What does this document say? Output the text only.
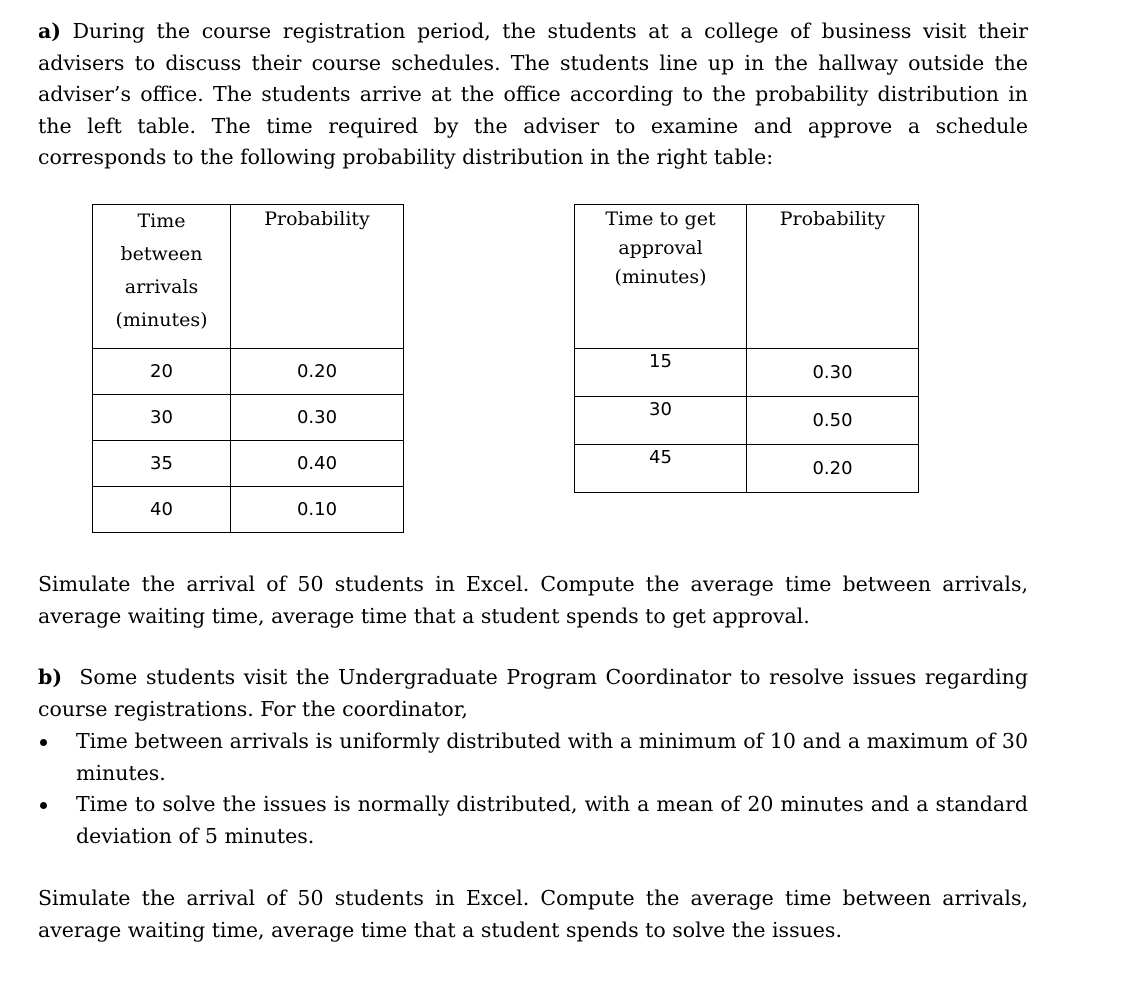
a) During the course registration period, the students at a college of business visit their advisers to discuss their course schedules. The students line up in the hallway outside the adviser’s office. The students arrive at the office according to the probability distribution in the left table. The time required by the adviser to examine and approve a schedule corresponds to the following probability distribution in the right table:

Time
between
arrivals
(minutes)	Probability

20	0.20
30	0.30
35	0.40
40	0.10
Time to get
approval
(minutes)	Probability

15	0.30
30	0.50
45	0.20

Simulate the arrival of 50 students in Excel. Compute the average time between arrivals, average waiting time, average time that a student spends to get approval.

b) Some students visit the Undergraduate Program Coordinator to resolve issues regarding course registrations. For the coordinator,

Time between arrivals is uniformly distributed with a minimum of 10 and a maximum of 30 minutes.
Time to solve the issues is normally distributed, with a mean of 20 minutes and a standard deviation of 5 minutes.

Simulate the arrival of 50 students in Excel. Compute the average time between arrivals, average waiting time, average time that a student spends to solve the issues.
